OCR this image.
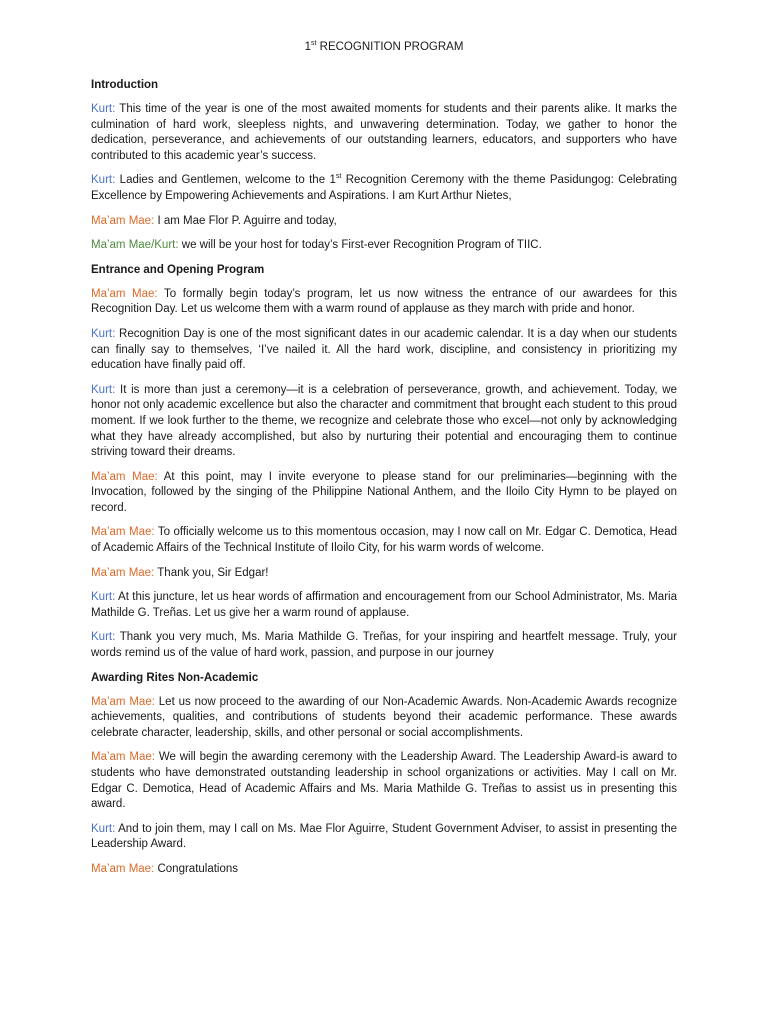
1st RECOGNITION PROGRAM
Introduction

Kurt: This time of the year is one of the most awaited moments for students and their parents alike. It marks the culmination of hard work, sleepless nights, and unwavering determination. Today, we gather to honor the dedication, perseverance, and achievements of our outstanding learners, educators, and supporters who have contributed to this academic year’s success.

Kurt: Ladies and Gentlemen, welcome to the 1st Recognition Ceremony with the theme Pasidungog: Celebrating Excellence by Empowering Achievements and Aspirations. I am Kurt Arthur Nietes,

Ma’am Mae: I am Mae Flor P. Aguirre and today,

Ma’am Mae/Kurt: we will be your host for today’s First-ever Recognition Program of TIIC.

Entrance and Opening Program

Ma’am Mae: To formally begin today’s program, let us now witness the entrance of our awardees for this Recognition Day. Let us welcome them with a warm round of applause as they march with pride and honor.

Kurt: Recognition Day is one of the most significant dates in our academic calendar. It is a day when our students can finally say to themselves, ‘I’ve nailed it. All the hard work, discipline, and consistency in prioritizing my education have finally paid off.

Kurt: It is more than just a ceremony—it is a celebration of perseverance, growth, and achievement. Today, we honor not only academic excellence but also the character and commitment that brought each student to this proud moment. If we look further to the theme, we recognize and celebrate those who excel—not only by acknowledging what they have already accomplished, but also by nurturing their potential and encouraging them to continue striving toward their dreams.

Ma’am Mae: At this point, may I invite everyone to please stand for our preliminaries—beginning with the Invocation, followed by the singing of the Philippine National Anthem, and the Iloilo City Hymn to be played on record.

Ma’am Mae: To officially welcome us to this momentous occasion, may I now call on Mr. Edgar C. Demotica, Head of Academic Affairs of the Technical Institute of Iloilo City, for his warm words of welcome.

Ma’am Mae: Thank you, Sir Edgar!

Kurt: At this juncture, let us hear words of affirmation and encouragement from our School Administrator, Ms. Maria Mathilde G. Treñas. Let us give her a warm round of applause.

Kurt: Thank you very much, Ms. Maria Mathilde G. Treñas, for your inspiring and heartfelt message. Truly, your words remind us of the value of hard work, passion, and purpose in our journey

Awarding Rites Non-Academic

Ma’am Mae: Let us now proceed to the awarding of our Non-Academic Awards. Non-Academic Awards recognize achievements, qualities, and contributions of students beyond their academic performance. These awards celebrate character, leadership, skills, and other personal or social accomplishments.

Ma’am Mae: We will begin the awarding ceremony with the Leadership Award. The Leadership Award-is award to students who have demonstrated outstanding leadership in school organizations or activities. May I call on Mr. Edgar C. Demotica, Head of Academic Affairs and Ms. Maria Mathilde G. Treñas to assist us in presenting this award.

Kurt: And to join them, may I call on Ms. Mae Flor Aguirre, Student Government Adviser, to assist in presenting the Leadership Award.

Ma’am Mae: Congratulations
